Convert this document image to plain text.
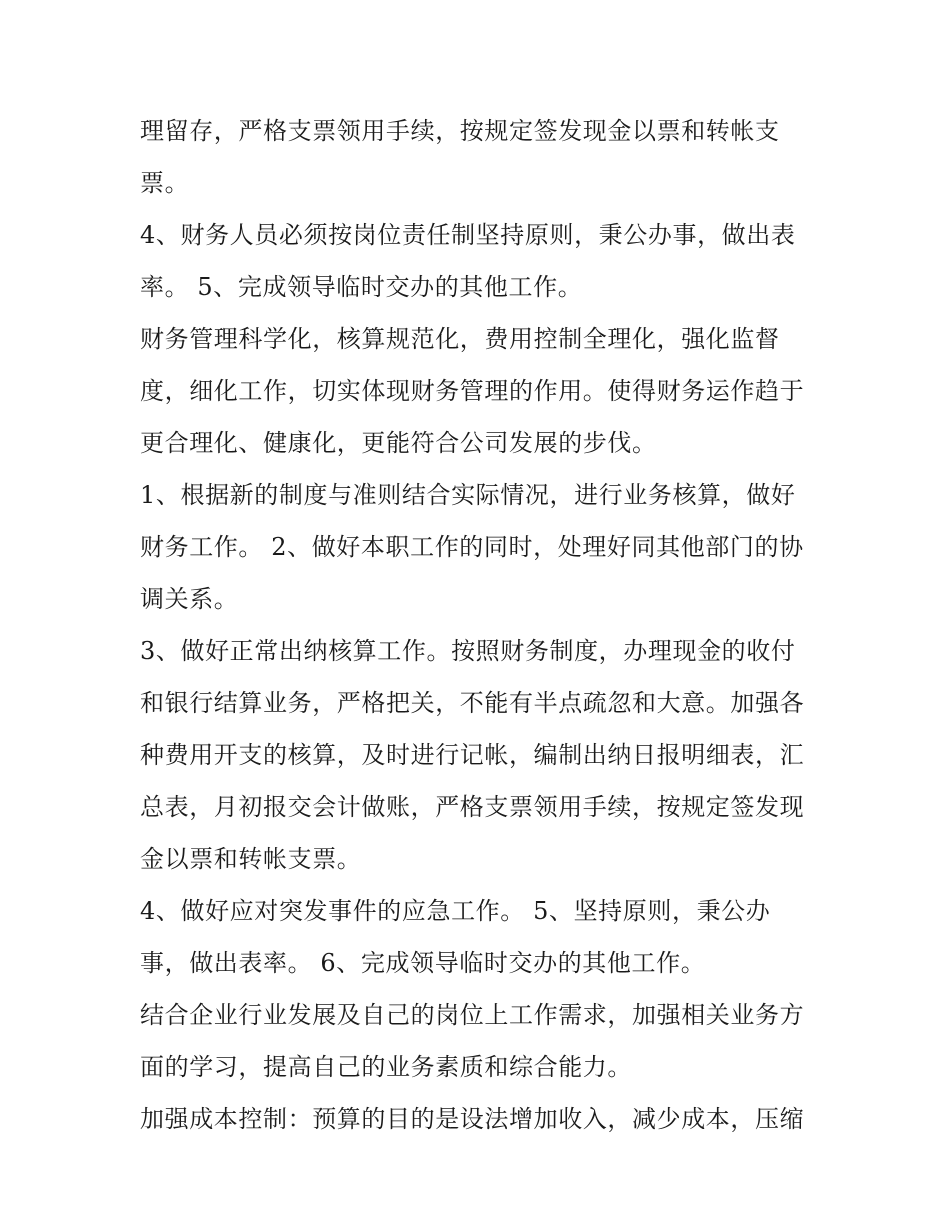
理留存，严格支票领用手续，按规定签发现金以票和转帐支
票。
4、财务人员必须按岗位责任制坚持原则，秉公办事，做出表
率。 5、完成领导临时交办的其他工作。
财务管理科学化，核算规范化，费用控制全理化，强化监督
度，细化工作，切实体现财务管理的作用。使得财务运作趋于
更合理化、健康化，更能符合公司发展的步伐。
1、根据新的制度与准则结合实际情况，进行业务核算，做好
财务工作。 2、做好本职工作的同时，处理好同其他部门的协
调关系。
3、做好正常出纳核算工作。按照财务制度，办理现金的收付
和银行结算业务，严格把关，不能有半点疏忽和大意。加强各
种费用开支的核算，及时进行记帐，编制出纳日报明细表，汇
总表，月初报交会计做账，严格支票领用手续，按规定签发现
金以票和转帐支票。
4、做好应对突发事件的应急工作。 5、坚持原则，秉公办
事，做出表率。 6、完成领导临时交办的其他工作。
结合企业行业发展及自己的岗位上工作需求，加强相关业务方
面的学习，提高自己的业务素质和综合能力。
加强成本控制：预算的目的是设法增加收入，减少成本，压缩
